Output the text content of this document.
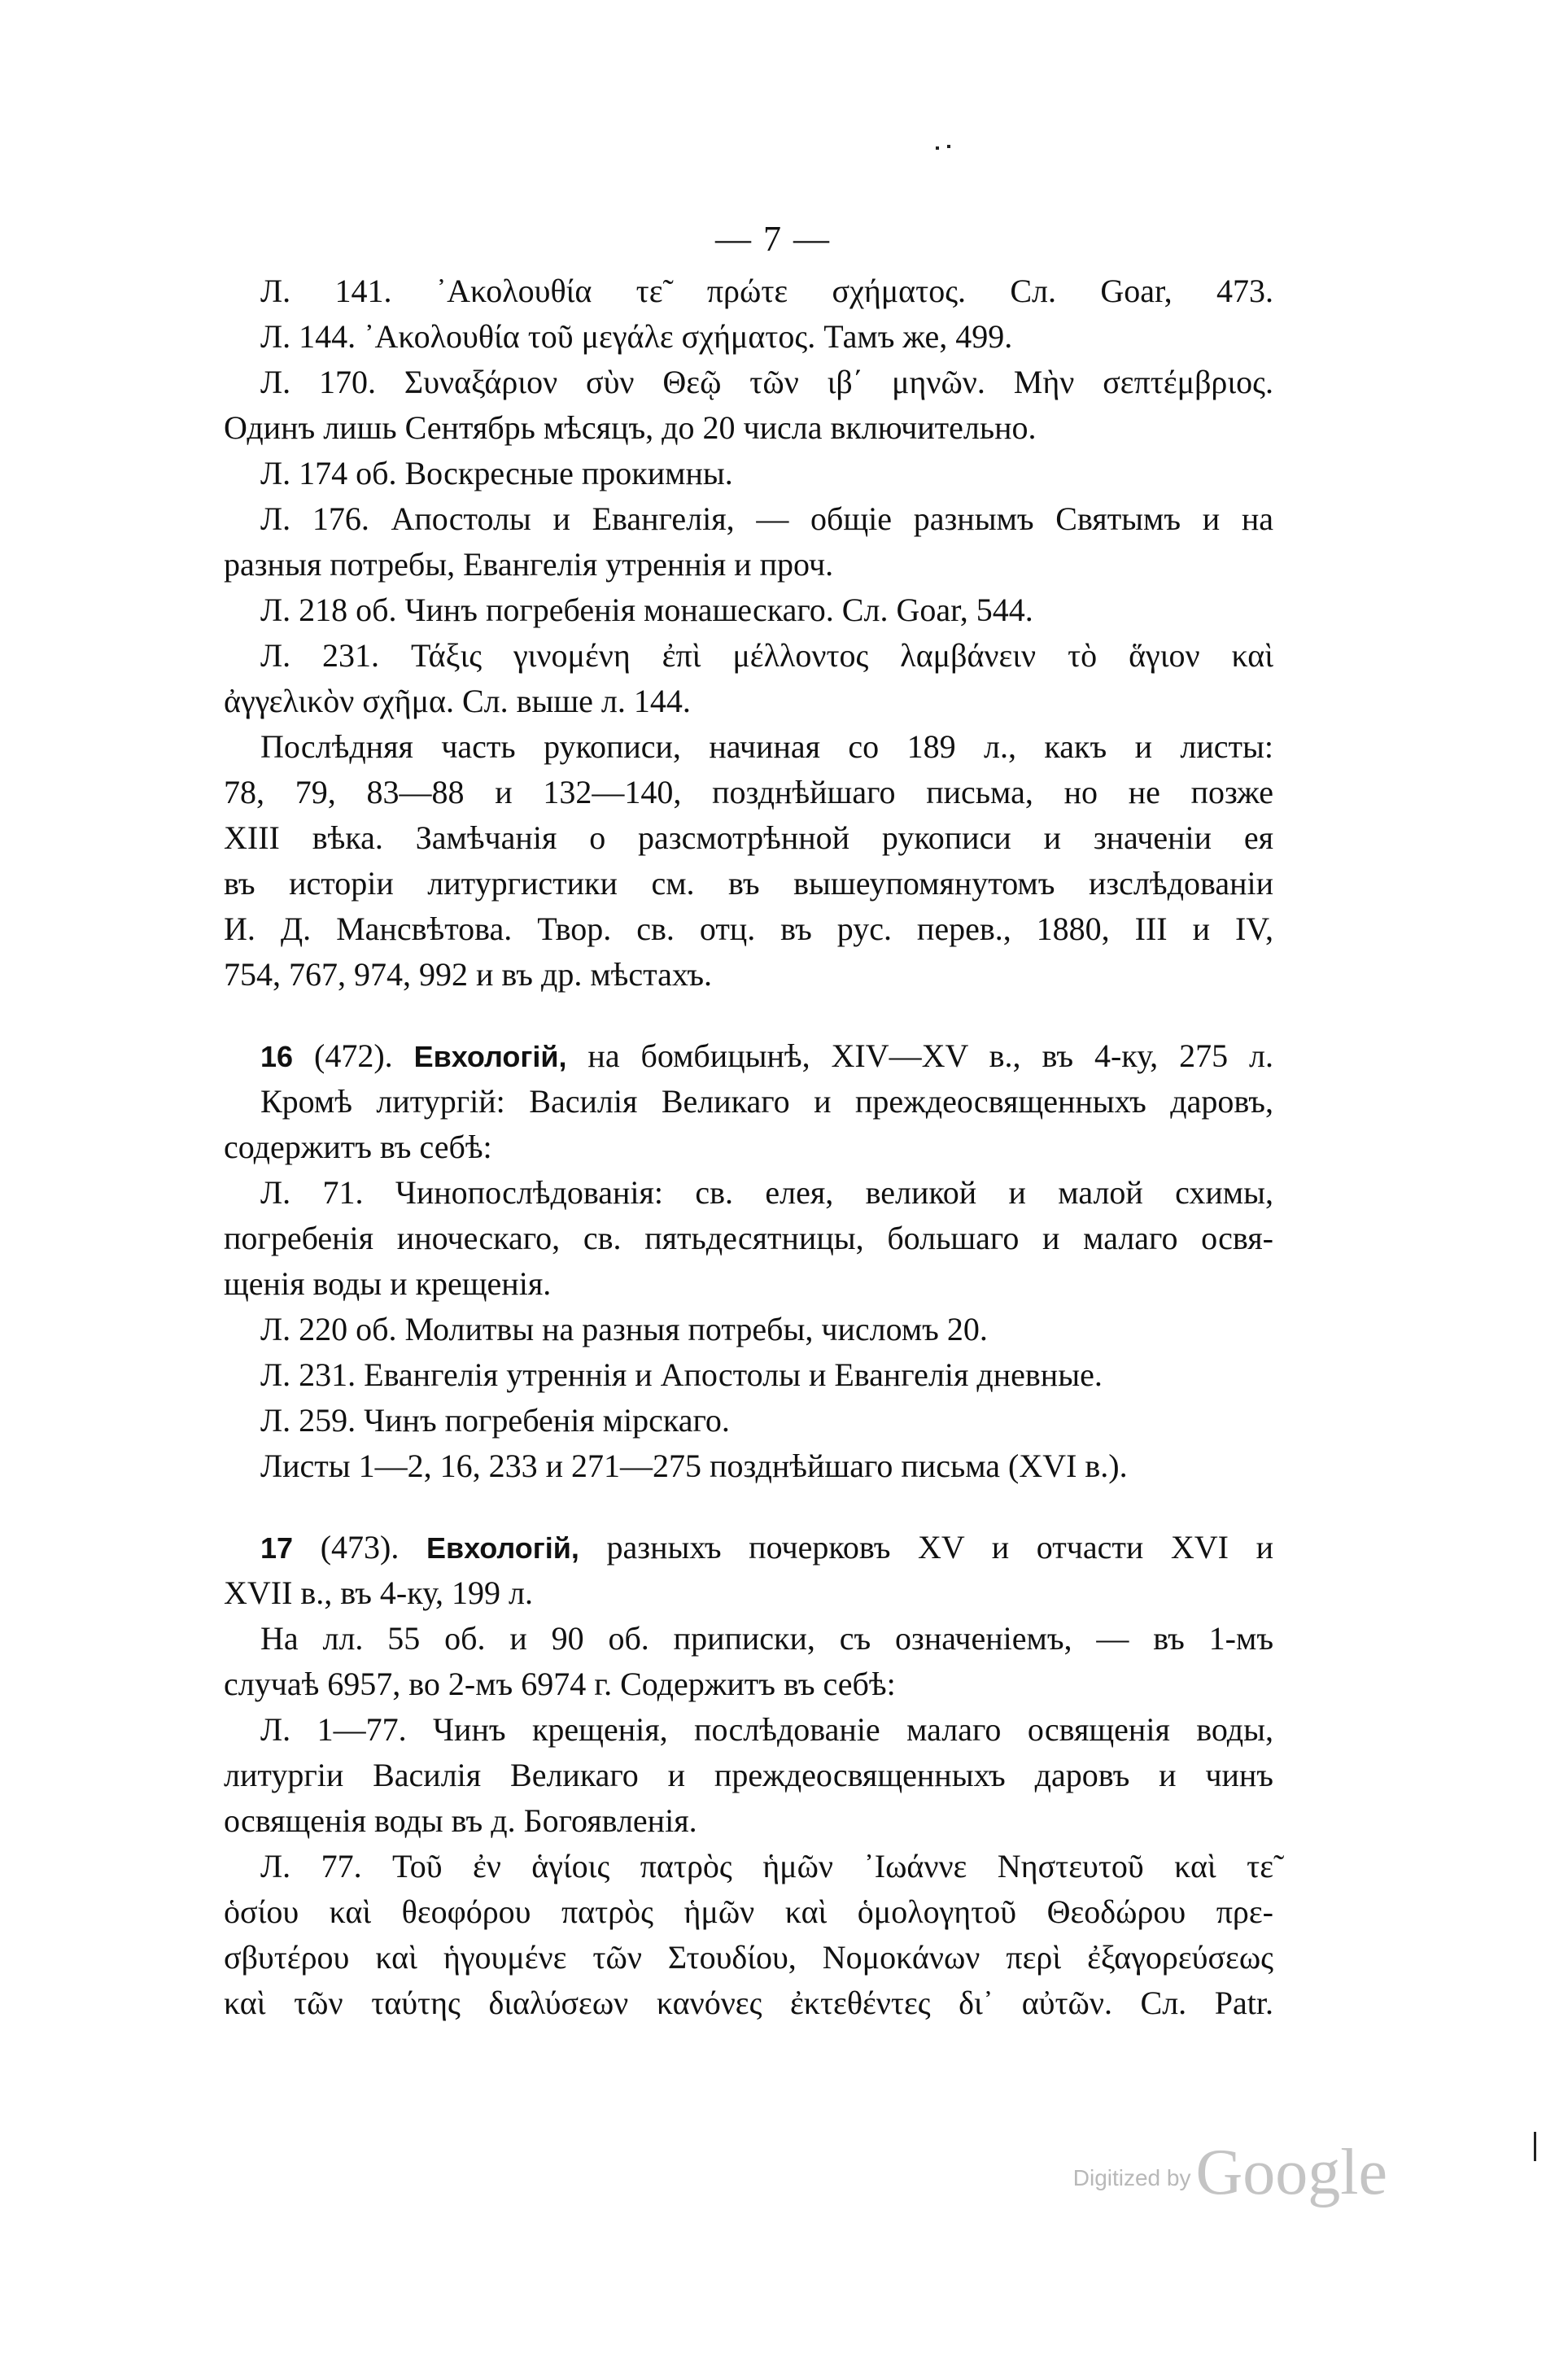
— 7 —
Л. 141. ᾿Ακολουθία τε̃ πρώτε σχήματος. Сл. Goar, 473.
Л. 144. ᾿Ακολουθία τοῦ μεγάλε σχήματος. Тамъ же, 499.
Л. 170. Συναξάριον σὺν Θεῷ τῶν ιβ΄ μηνῶν. Μὴν σεπτέμβριος.
Одинъ лишь Сентябрь мѣсяцъ, до 20 числа включительно.
Л. 174 об. Воскресные прокимны.
Л. 176. Апостолы и Евангелія, — общіе разнымъ Святымъ и на
разныя потребы, Евангелія утреннія и проч.
Л. 218 об. Чинъ погребенія монашескаго. Сл. Goar, 544.
Л. 231. Τάξις γινομένη ἐπὶ μέλλοντος λαμβάνειν τὸ ἅγιον καὶ
ἀγγελικὸν σχῆμα. Сл. выше л. 144.
Послѣдняя часть рукописи, начиная со 189 л., какъ и листы:
78, 79, 83—88 и 132—140, позднѣйшаго письма, но не позже
XIII вѣка. Замѣчанія о разсмотрѣнной рукописи и значеніи ея
въ исторіи литургистики см. въ вышеупомянутомъ изслѣдованіи
И. Д. Мансвѣтова. Твор. св. отц. въ рус. перев., 1880, III и IV,
754, 767, 974, 992 и въ др. мѣстахъ.
16 (472). Евхологій, на бомбицынѣ, XIV—XV в., въ 4-ку, 275 л.
Кромѣ литургій: Василія Великаго и преждеосвященныхъ даровъ,
содержитъ въ себѣ:
Л. 71. Чинопослѣдованія: св. елея, великой и малой схимы,
погребенія иноческаго, св. пятьдесятницы, большаго и малаго освя-
щенія воды и крещенія.
Л. 220 об. Молитвы на разныя потребы, числомъ 20.
Л. 231. Евангелія утреннія и Апостолы и Евангелія дневные.
Л. 259. Чинъ погребенія мірскаго.
Листы 1—2, 16, 233 и 271—275 позднѣйшаго письма (XVI в.).
17 (473). Евхологій, разныхъ почерковъ XV и отчасти XVI и
XVII в., въ 4-ку, 199 л.
На лл. 55 об. и 90 об. приписки, съ означеніемъ, — въ 1-мъ
случаѣ 6957, во 2-мъ 6974 г. Содержитъ въ себѣ:
Л. 1—77. Чинъ крещенія, послѣдованіе малаго освященія воды,
литургіи Василія Великаго и преждеосвященныхъ даровъ и чинъ
освященія воды въ д. Богоявленія.
Л. 77. Τοῦ ἐν ἁγίοις πατρὸς ἡμῶν ᾿Ιωάννε Νηστευτοῦ καὶ τε̃
ὁσίου καὶ θεοφόρου πατρὸς ἡμῶν καὶ ὁμολογητοῦ Θεοδώρου πρε-
σβυτέρου καὶ ἡγουμένε τῶν Στουδίου, Νομοκάνων περὶ ἐξαγορεύσεως
καὶ τῶν ταύτης διαλύσεων κανόνες ἐκτεθέντες δι᾿ αὐτῶν. Сл. Patr.
Digitized byGoogle
